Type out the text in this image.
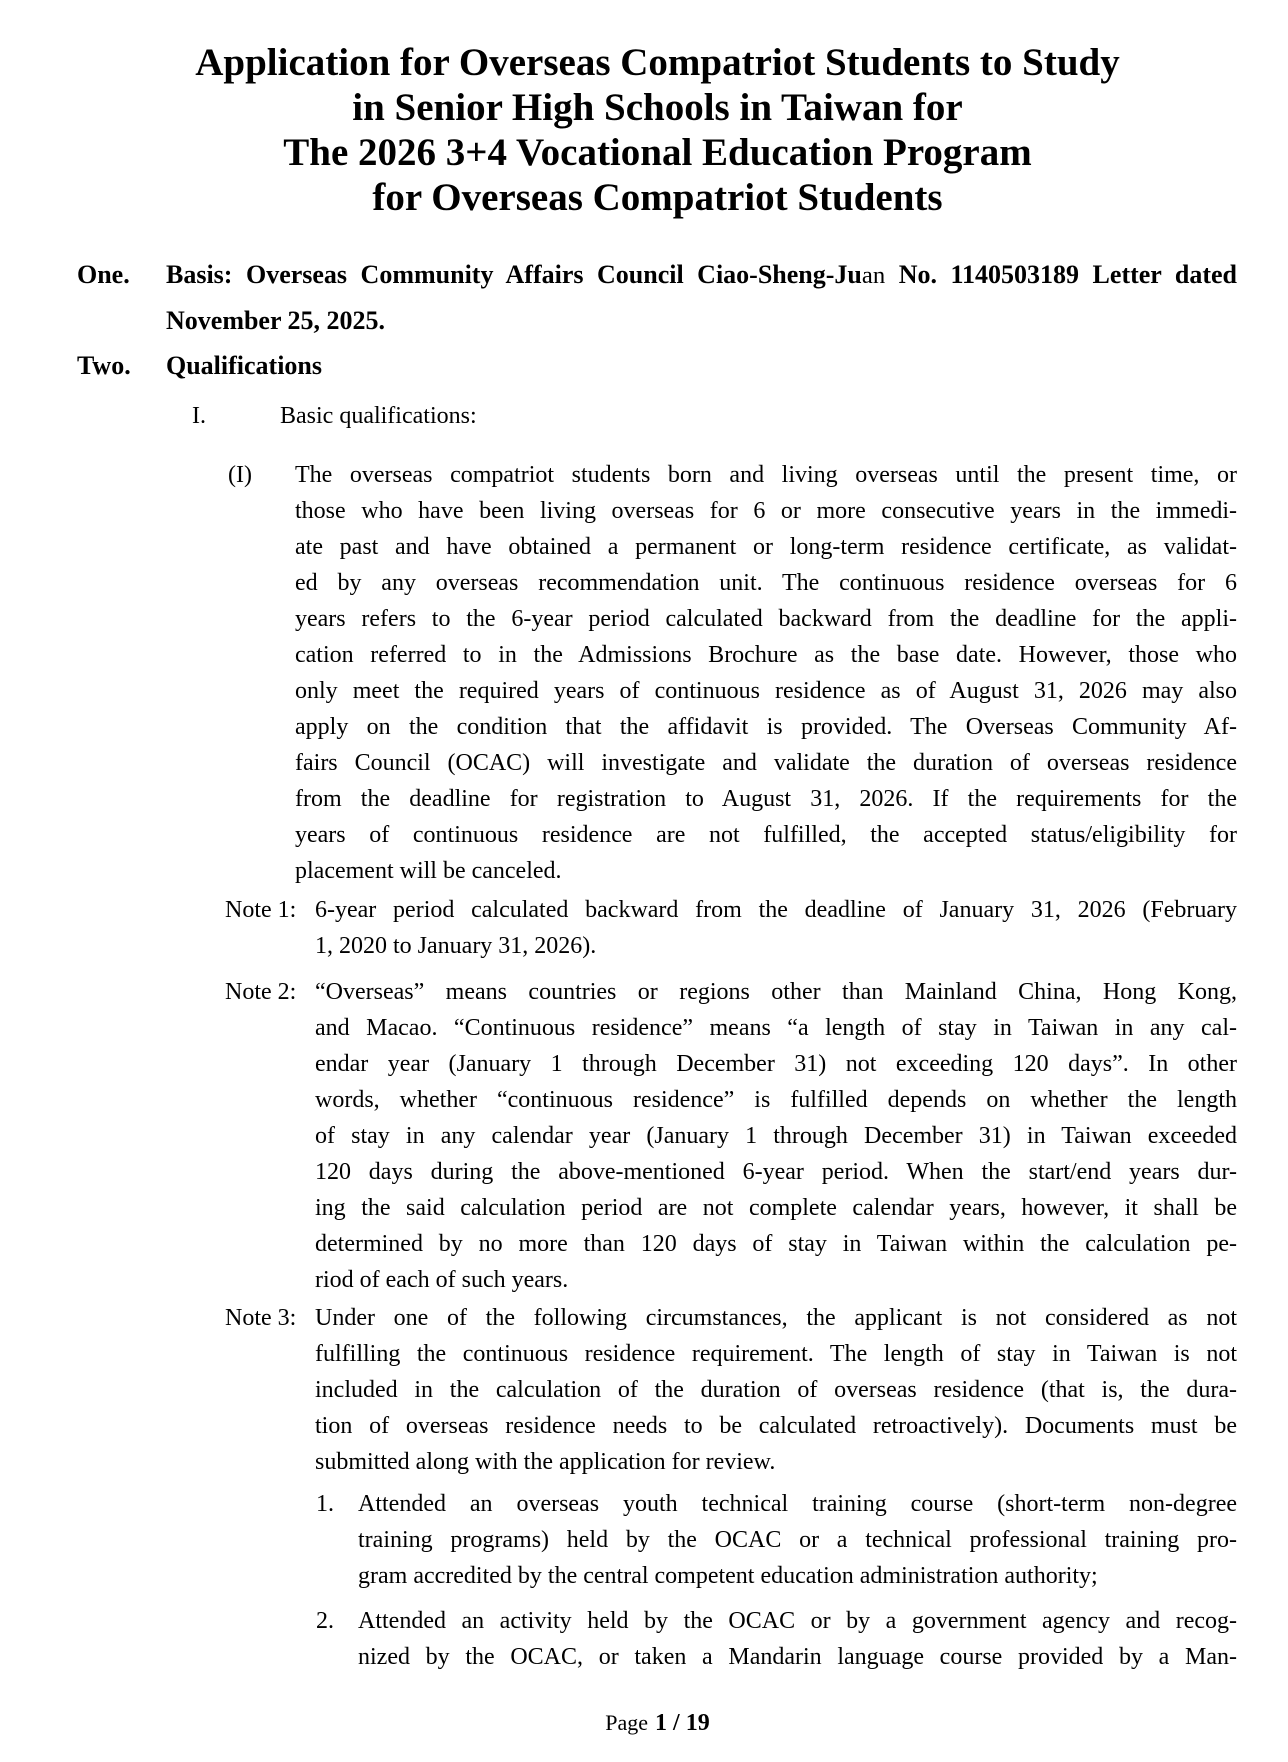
Application for Overseas Compatriot Students to Study
in Senior High Schools in Taiwan for
The 2026 3+4 Vocational Education Program
for Overseas Compatriot Students
One. Basis: Overseas Community Affairs Council Ciao-Sheng-Juan No. 1140503189 Letter dated
November 25, 2025.
Two. Qualifications
I.	Basic qualifications:
(I) The overseas compatriot students born and living overseas until the present time, or
those who have been living overseas for 6 or more consecutive years in the immedi-
ate past and have obtained a permanent or long-term residence certificate, as validat-
ed by any overseas recommendation unit. The continuous residence overseas for 6
years refers to the 6-year period calculated backward from the deadline for the appli-
cation referred to in the Admissions Brochure as the base date. However, those who
only meet the required years of continuous residence as of August 31, 2026 may also
apply on the condition that the affidavit is provided. The Overseas Community Af-
fairs Council (OCAC) will investigate and validate the duration of overseas residence
from the deadline for registration to August 31, 2026. If the requirements for the
years of continuous residence are not fulfilled, the accepted status/eligibility for
placement will be canceled.
Note 1: 6-year period calculated backward from the deadline of January 31, 2026 (February
1, 2020 to January 31, 2026).
Note 2: “Overseas” means countries or regions other than Mainland China, Hong Kong,
and Macao. “Continuous residence” means “a length of stay in Taiwan in any cal-
endar year (January 1 through December 31) not exceeding 120 days”. In other
words, whether “continuous residence” is fulfilled depends on whether the length
of stay in any calendar year (January 1 through December 31) in Taiwan exceeded
120 days during the above-mentioned 6-year period. When the start/end years dur-
ing the said calculation period are not complete calendar years, however, it shall be
determined by no more than 120 days of stay in Taiwan within the calculation pe-
riod of each of such years.
Note 3: Under one of the following circumstances, the applicant is not considered as not
fulfilling the continuous residence requirement. The length of stay in Taiwan is not
included in the calculation of the duration of overseas residence (that is, the dura-
tion of overseas residence needs to be calculated retroactively). Documents must be
submitted along with the application for review.
1. Attended an overseas youth technical training course (short-term non-degree
training programs) held by the OCAC or a technical professional training pro-
gram accredited by the central competent education administration authority;
2. Attended an activity held by the OCAC or by a government agency and recog-
nized by the OCAC, or taken a Mandarin language course provided by a Man-
Page 1 / 19
